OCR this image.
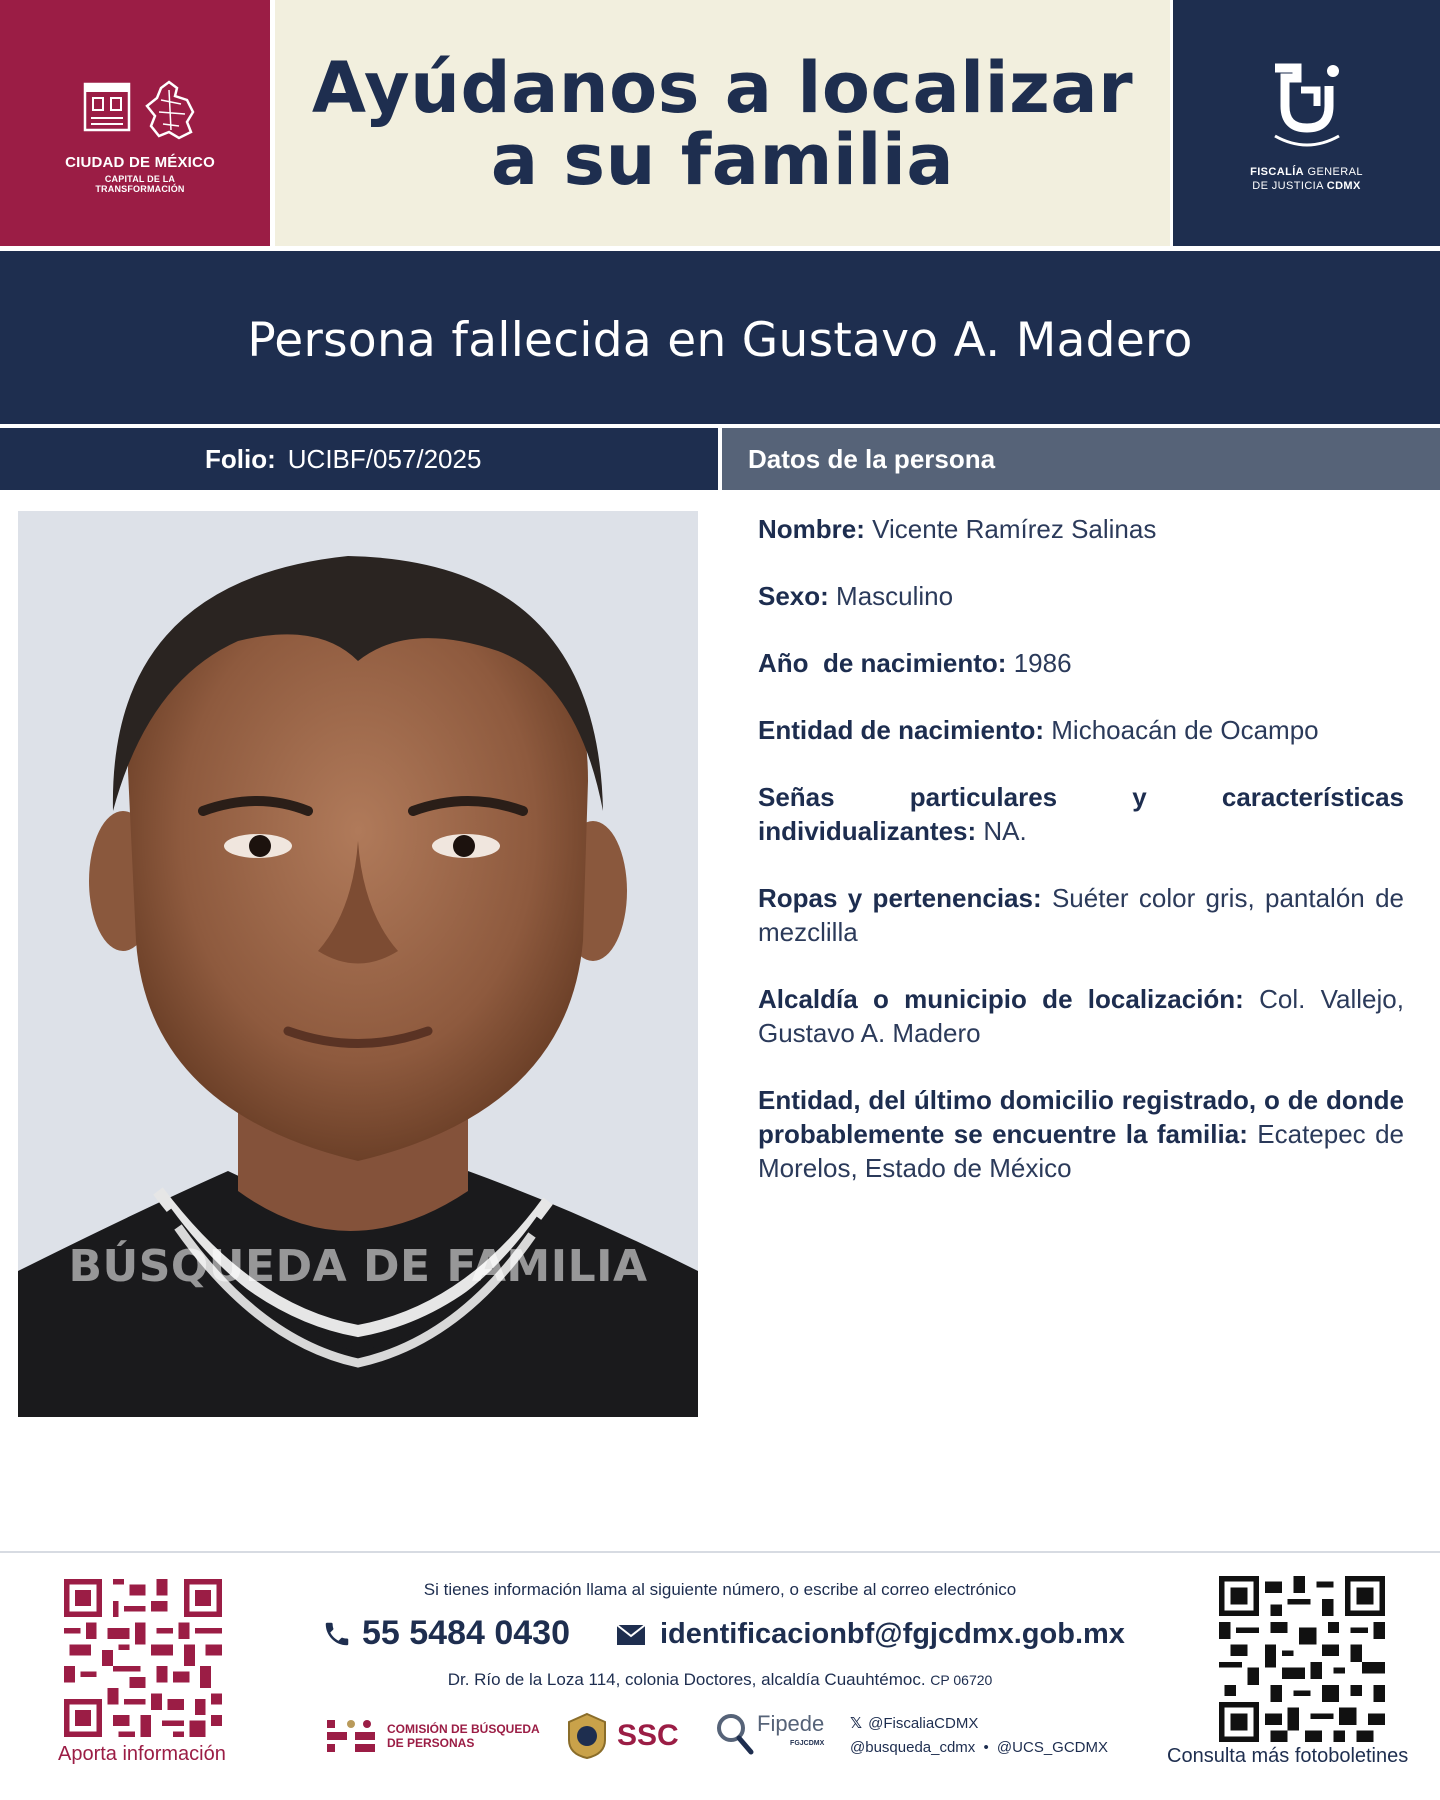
CIUDAD DE MÉXICO
CAPITAL DE LA TRANSFORMACIÓN
Ayúdanos a localizar
a su familia	FISCALÍA GENERAL
DE JUSTICIA CDMX
Persona fallecida en Gustavo A. Madero
Folio: UCIBF/057/2025	Datos de la persona
BÚSQUEDA DE FAMILIA
Nombre: Vicente Ramírez Salinas
Sexo: Masculino
Año  de nacimiento: 1986
Entidad de nacimiento: Michoacán de Ocampo
Señas particulares y características individualizantes: NA.
Ropas y pertenencias: Suéter color gris, pantalón de mezclilla
Alcaldía o municipio de localización: Col. Vallejo, Gustavo A. Madero
Entidad, del último domicilio registrado, o de donde probablemente se encuentre la familia: Ecatepec de Morelos, Estado de México
Aporta información
Si tienes información llama al siguiente número, o escribe al correo electrónico
55 5484 0430	identificacionbf@fgjcdmx.gob.mx
Dr. Río de la Loza 114, colonia Doctores, alcaldía Cuauhtémoc. CP 06720
COMISIÓN DE BÚSQUEDA
DE PERSONAS	SSC	Fipede
FGJCDMX
𝕏 @FiscaliaCDMX
@busqueda_cdmx • @UCS_GCDMX	Consulta más fotoboletines
